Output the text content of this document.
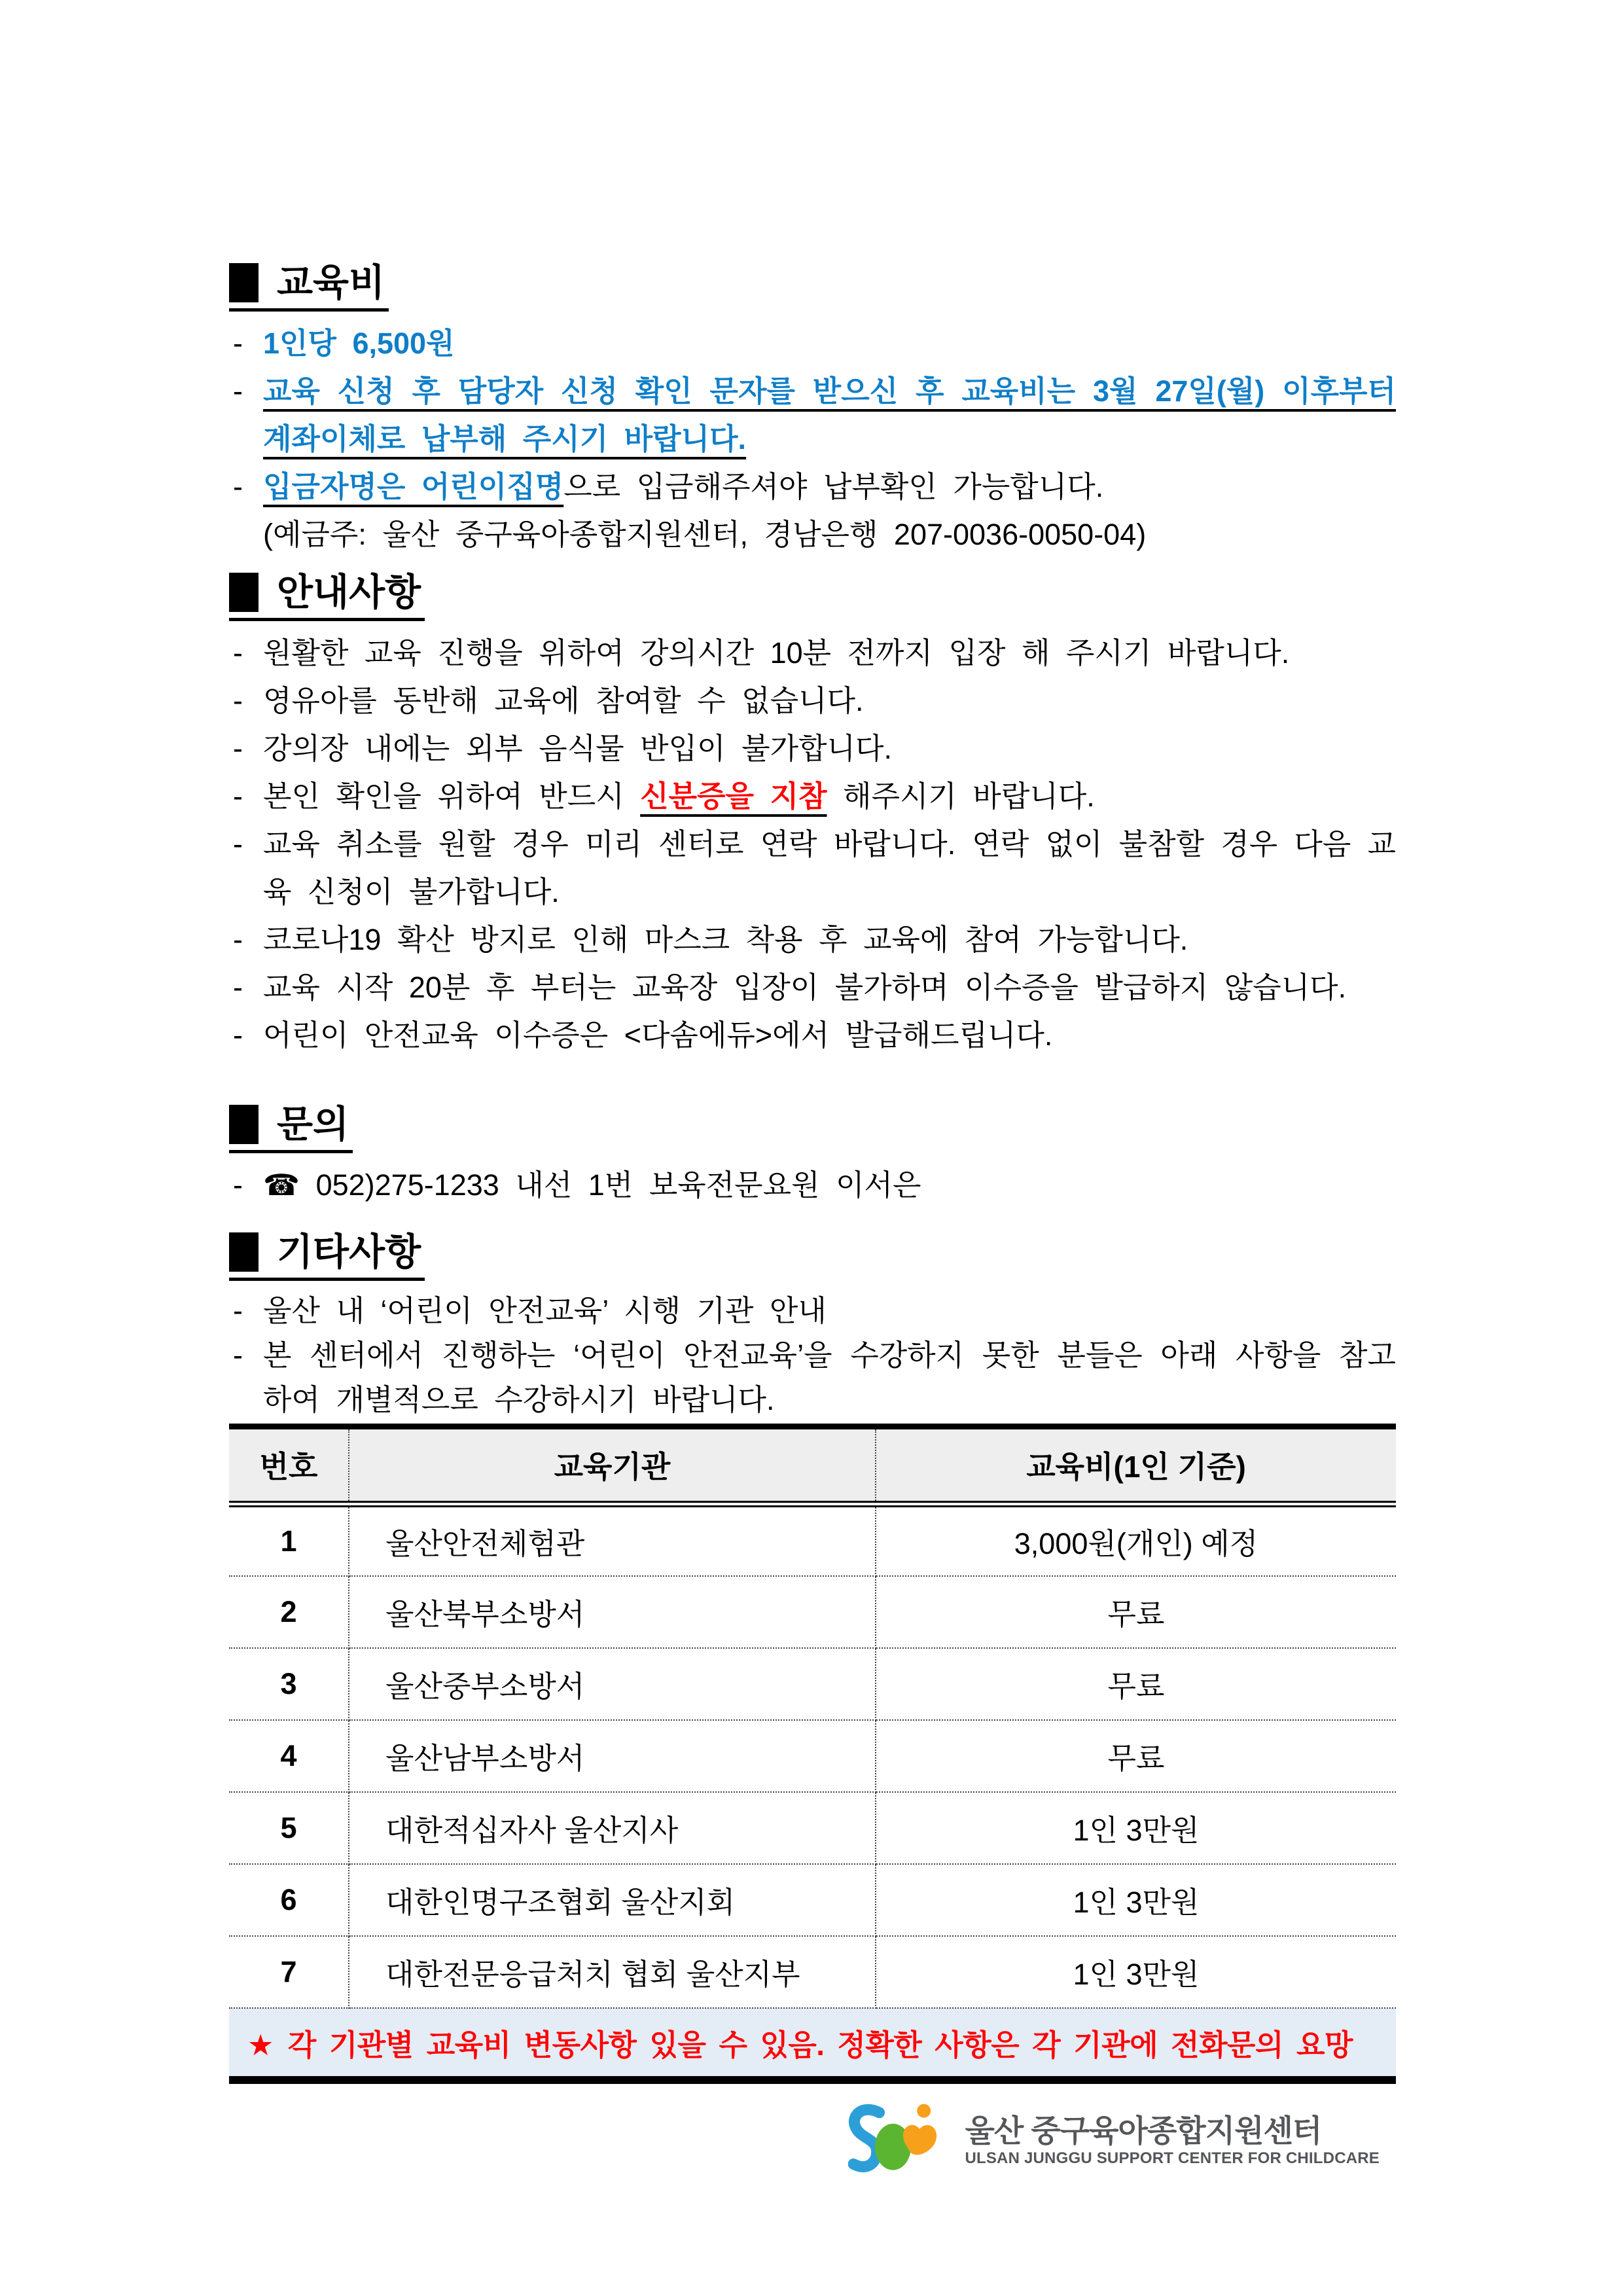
교육비
- 1인당 6,500원
- 교육 신청 후 담당자 신청 확인 문자를 받으신 후 교육비는 3월 27일(월) 이후부터 계좌이체로 납부해 주시기 바랍니다.
- 입금자명은 어린이집명으로 입금해주셔야 납부확인 가능합니다.
(예금주: 울산 중구육아종합지원센터, 경남은행 207-0036-0050-04)
안내사항
- 원활한 교육 진행을 위하여 강의시간 10분 전까지 입장 해 주시기 바랍니다.
- 영유아를 동반해 교육에 참여할 수 없습니다.
- 강의장 내에는 외부 음식물 반입이 불가합니다.
- 본인 확인을 위하여 반드시 신분증을 지참 해주시기 바랍니다.
- 교육 취소를 원할 경우 미리 센터로 연락 바랍니다. 연락 없이 불참할 경우 다음 교육 신청이 불가합니다.
- 코로나19 확산 방지로 인해 마스크 착용 후 교육에 참여 가능합니다.
- 교육 시작 20분 후 부터는 교육장 입장이 불가하며 이수증을 발급하지 않습니다.
- 어린이 안전교육 이수증은 <다솜에듀>에서 발급해드립니다.
문의
- ☎ 052)275-1233 내선 1번 보육전문요원 이서은
기타사항
- 울산 내 ‘어린이 안전교육’ 시행 기관 안내
- 본 센터에서 진행하는 ‘어린이 안전교육’을 수강하지 못한 분들은 아래 사항을 참고하여 개별적으로 수강하시기 바랍니다.
번호	교육기관	교육비(1인 기준)
1	울산안전체험관	3,000원(개인) 예정
2	울산북부소방서	무료
3	울산중부소방서	무료
4	울산남부소방서	무료
5	대한적십자사 울산지사	1인 3만원
6	대한인명구조협회 울산지회	1인 3만원
7	대한전문응급처치 협회 울산지부	1인 3만원
★ 각 기관별 교육비 변동사항 있을 수 있음. 정확한 사항은 각 기관에 전화문의 요망		
울산 중구육아종합지원센터
ULSAN JUNGGU SUPPORT CENTER FOR CHILDCARE
